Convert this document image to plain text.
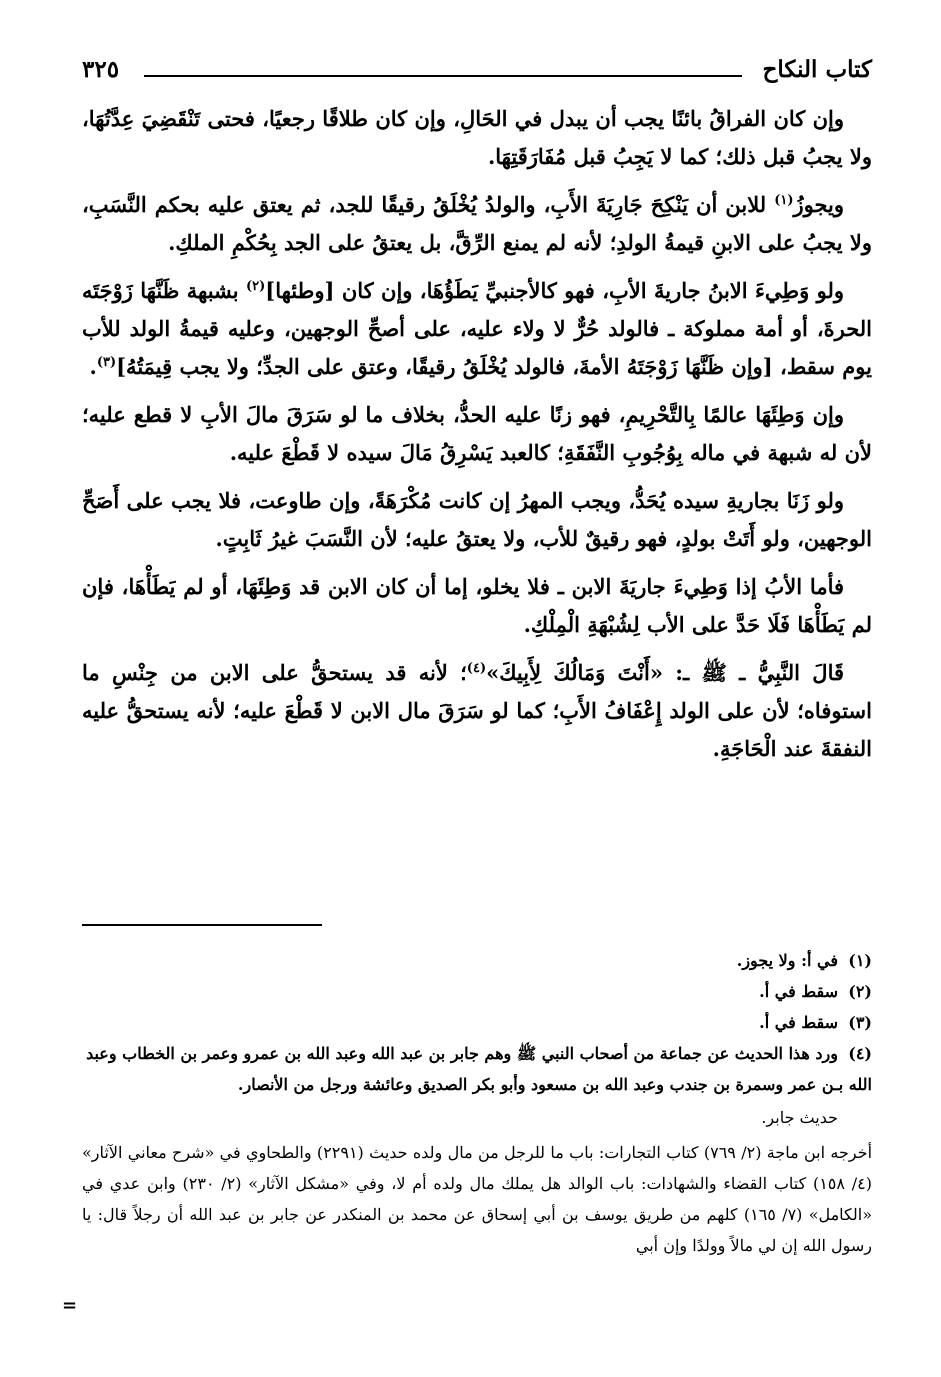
كتاب النكاح
٣٢٥

وإن كان الفراقُ بائنًا يجب أن يبدل في الحَالِ، وإن كان طلاقًا رجعيًا، فحتى تَنْقَضِيَ عِدَّتُهَا، ولا يجبُ قبل ذلك؛ كما لا يَجِبُ قبل مُفَارَقَتِهَا.

ويجوزُ$^{(١)}$ للابن أن يَنْكِحَ جَارِيَةَ الأَبِ، والولدُ يُخْلَقُ رقيقًا للجد، ثم يعتق عليه بحكم النَّسَبِ، ولا يجبُ على الابنِ قيمةُ الولدِ؛ لأنه لم يمنع الرِّقَّ، بل يعتقُ على الجد بِحُكْمِ الملكِ.

ولو وَطِيءَ الابنُ جاريةَ الأبِ، فهو كالأجنبيِّ يَطَؤُهَا، وإن كان [وطئها]$^{(٢)}$ بشبهة ظَنَّهَا زَوْجَتَه الحرةَ، أو أمة مملوكة ـ فالولد حُرٌّ لا ولاء عليه، على أصحِّ الوجهين، وعليه قيمةُ الولد للأب يوم سقط، [وإن ظَنَّهَا زَوْجَتَهُ الأمةَ، فالولد يُخْلَقُ رقيقًا، وعتق على الجدِّ؛ ولا يجب قِيمَتُهُ]$^{(٣)}$.

وإن وَطِئَهَا عالمًا بِالتَّحْرِيمِ، فهو زنًا عليه الحدُّ، بخلاف ما لو سَرَقَ مالَ الأبِ لا قطع عليه؛ لأن له شبهة في ماله بِوُجُوبِ النَّفَقَةِ؛ كالعبد يَسْرِقُ مَالَ سيده لا قَطْعَ عليه.

ولو زَنَا بجاريةِ سيده يُحَدُّ، ويجب المهرُ إن كانت مُكْرَهَةً، وإن طاوعت، فلا يجب على أَصَحِّ الوجهين، ولو أَتَتْ بولدٍ، فهو رقيقٌ للأب، ولا يعتقُ عليه؛ لأن النَّسَبَ غيرُ ثَابِتٍ.

فأما الأبُ إذا وَطِيءَ جاريَةَ الابن ـ فلا يخلو، إما أن كان الابن قد وَطِئَهَا، أو لم يَطَأْهَا، فإن لم يَطَأْهَا فَلَا حَدَّ على الأب لِشُبْهَةِ الْمِلْكِ.

قَالَ النَّبِيُّ ـ ﷺ ـ: «أَنْتَ وَمَالُكَ لِأَبِيكَ»$^{(٤)}$؛ لأنه قد يستحقُّ على الابن من جِنْسِ ما استوفاه؛ لأن على الولد إِعْفَافُ الأَبِ؛ كما لو سَرَقَ مال الابن لا قَطْعَ عليه؛ لأنه يستحقُّ عليه النفقةَ عند الْحَاجَةِ.

(١)في أ: ولا يجوز.

(٢)سقط في أ.

(٣)سقط في أ.

(٤)ورد هذا الحديث عن جماعة من أصحاب النبي ﷺ وهم جابر بن عبد الله وعبد الله بن عمرو وعمر بن الخطاب وعبد الله بـن عمر وسمرة بن جندب وعبد الله بن مسعود وأبو بكر الصديق وعائشة ورجل من الأنصار.

حديث جابر.

أخرجه ابن ماجة (٢/ ٧٦٩) كتاب التجارات: باب ما للرجل من مال ولده حديث (٢٢٩١) والطحاوي في «شرح معاني الآثار» (٤/ ١٥٨) كتاب القضاء والشهادات: باب الوالد هل يملك مال ولده أم لا، وفي «مشكل الآثار» (٢/ ٢٣٠) وابن عدي في «الكامل» (٧/ ١٦٥) كلهم من طريق يوسف بن أبي إسحاق عن محمد بن المنكدر عن جابر بن عبد الله أن رجلاً قال: يا رسول الله إن لي مالاً وولدًا وإن أبي

=
